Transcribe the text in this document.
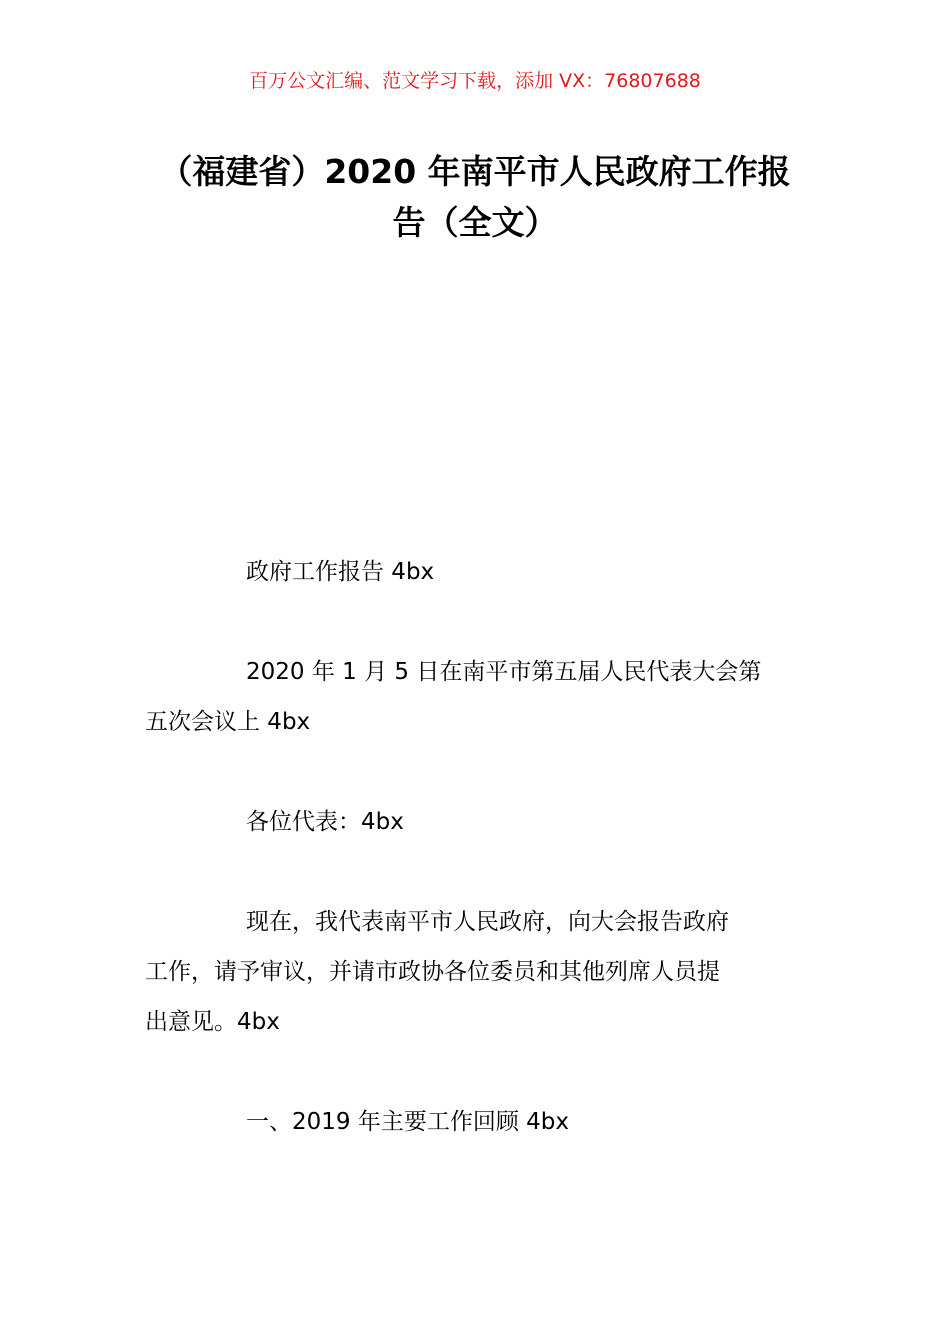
百万公文汇编、范文学习下载，添加 VX：76807688
（福建省）2020 年南平市人民政府工作报
告（全文）
政府工作报告 4bx
2020 年 1 月 5 日在南平市第五届人民代表大会第
五次会议上 4bx
各位代表：4bx
现在，我代表南平市人民政府，向大会报告政府
工作，请予审议，并请市政协各位委员和其他列席人员提
出意见。4bx
一、2019 年主要工作回顾 4bx
